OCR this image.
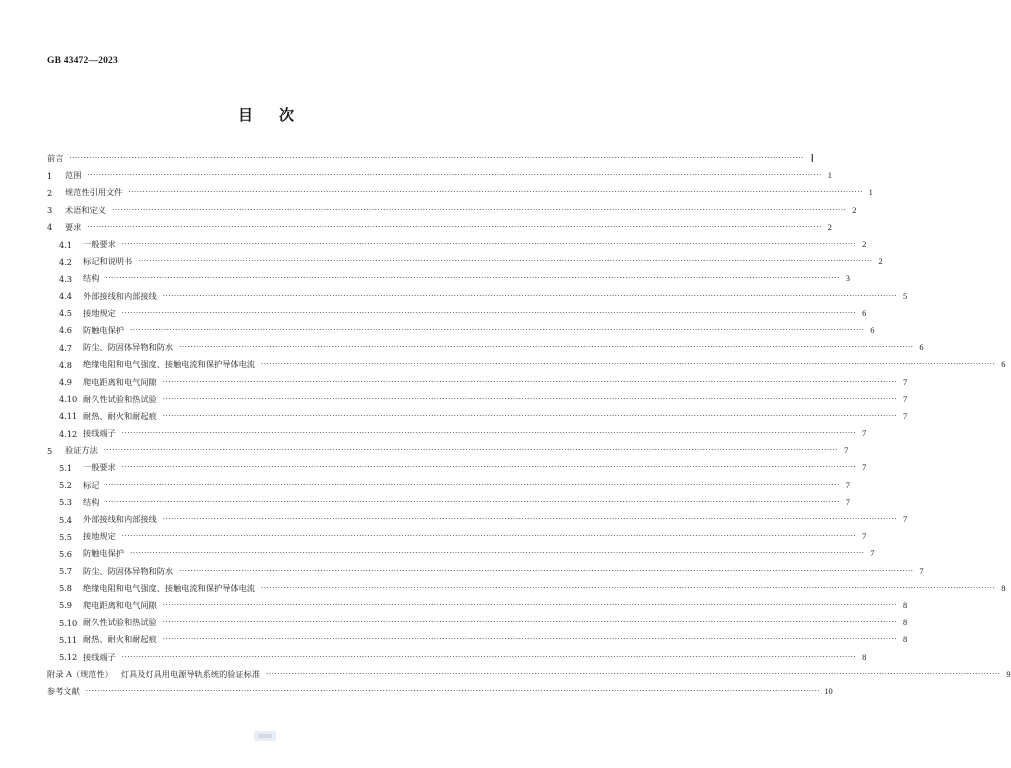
GB 43472—2023
目 次
前言 ···································································································································································································································································· Ⅰ
1	范围 ···································································································································································································································································· 1
2	规范性引用文件 ···································································································································································································································································· 1
3	术语和定义 ···································································································································································································································································· 2
4	要求 ···································································································································································································································································· 2
4.1	一般要求 ···································································································································································································································································· 2
4.2	标记和说明书 ···································································································································································································································································· 2
4.3	结构 ···································································································································································································································································· 3
4.4	外部接线和内部接线 ···································································································································································································································································· 5
4.5	接地规定 ···································································································································································································································································· 6
4.6	防触电保护 ···································································································································································································································································· 6
4.7	防尘、防固体异物和防水 ···································································································································································································································································· 6
4.8	绝缘电阻和电气强度、接触电流和保护导体电流 ···································································································································································································································································· 6
4.9	爬电距离和电气间隙 ···································································································································································································································································· 7
4.10 耐久性试验和热试验 ···································································································································································································································································· 7
4.11 耐热、耐火和耐起痕 ···································································································································································································································································· 7
4.12 接线端子 ···································································································································································································································································· 7
5	验证方法 ···································································································································································································································································· 7
5.1	一般要求 ···································································································································································································································································· 7
5.2	标记 ···································································································································································································································································· 7
5.3	结构 ···································································································································································································································································· 7
5.4	外部接线和内部接线 ···································································································································································································································································· 7
5.5	接地规定 ···································································································································································································································································· 7
5.6	防触电保护 ···································································································································································································································································· 7
5.7	防尘、防固体异物和防水 ···································································································································································································································································· 7
5.8	绝缘电阻和电气强度、接触电流和保护导体电流 ···································································································································································································································································· 8
5.9	爬电距离和电气间隙 ···································································································································································································································································· 8
5.10 耐久性试验和热试验 ···································································································································································································································································· 8
5.11 耐热、耐火和耐起痕 ···································································································································································································································································· 8
5.12 接线端子 ···································································································································································································································································· 8
附录 A（规范性） 灯具及灯具用电源导轨系统的验证标准 ···································································································································································································································································· 9
参考文献 ···································································································································································································································································· 10
